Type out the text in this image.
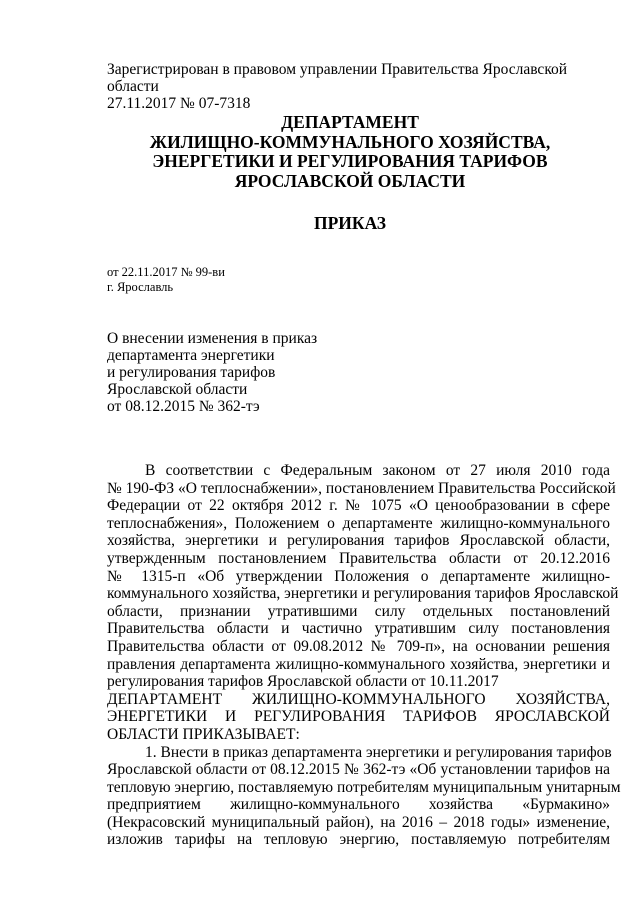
Зарегистрирован в правовом управлении Правительства Ярославской области
27.11.2017 № 07-7318
ДЕПАРТАМЕНТ
ЖИЛИЩНО-КОММУНАЛЬНОГО ХОЗЯЙСТВА,
ЭНЕРГЕТИКИ И РЕГУЛИРОВАНИЯ ТАРИФОВ
ЯРОСЛАВСКОЙ ОБЛАСТИ
ПРИКАЗ
от 22.11.2017 № 99-ви
г. Ярославль
О внесении изменения в приказ
департамента энергетики
и регулирования тарифов
Ярославской области
от 08.12.2015 № 362-тэ
В соответствии с Федеральным законом от 27 июля 2010 года
№ 190-ФЗ «О теплоснабжении», постановлением Правительства Российской
Федерации от 22 октября 2012 г. № 1075 «О ценообразовании в сфере
теплоснабжения», Положением о департаменте жилищно-коммунального
хозяйства, энергетики и регулирования тарифов Ярославской области,
утвержденным постановлением Правительства области от 20.12.2016
№ 1315-п «Об утверждении Положения о департаменте жилищно-
коммунального хозяйства, энергетики и регулирования тарифов Ярославской
области, признании утратившими силу отдельных постановлений
Правительства области и частично утратившим силу постановления
Правительства области от 09.08.2012 № 709-п», на основании решения
правления департамента жилищно-коммунального хозяйства, энергетики и
регулирования тарифов Ярославской области от 10.11.2017
ДЕПАРТАМЕНТ ЖИЛИЩНО-КОММУНАЛЬНОГО ХОЗЯЙСТВА,
ЭНЕРГЕТИКИ И РЕГУЛИРОВАНИЯ ТАРИФОВ ЯРОСЛАВСКОЙ
ОБЛАСТИ ПРИКАЗЫВАЕТ:
1. Внести в приказ департамента энергетики и регулирования тарифов
Ярославской области от 08.12.2015 № 362-тэ «Об установлении тарифов на
тепловую энергию, поставляемую потребителям муниципальным унитарным
предприятием жилищно-коммунального хозяйства «Бурмакино»
(Некрасовский муниципальный район), на 2016 – 2018 годы» изменение,
изложив тарифы на тепловую энергию, поставляемую потребителям
